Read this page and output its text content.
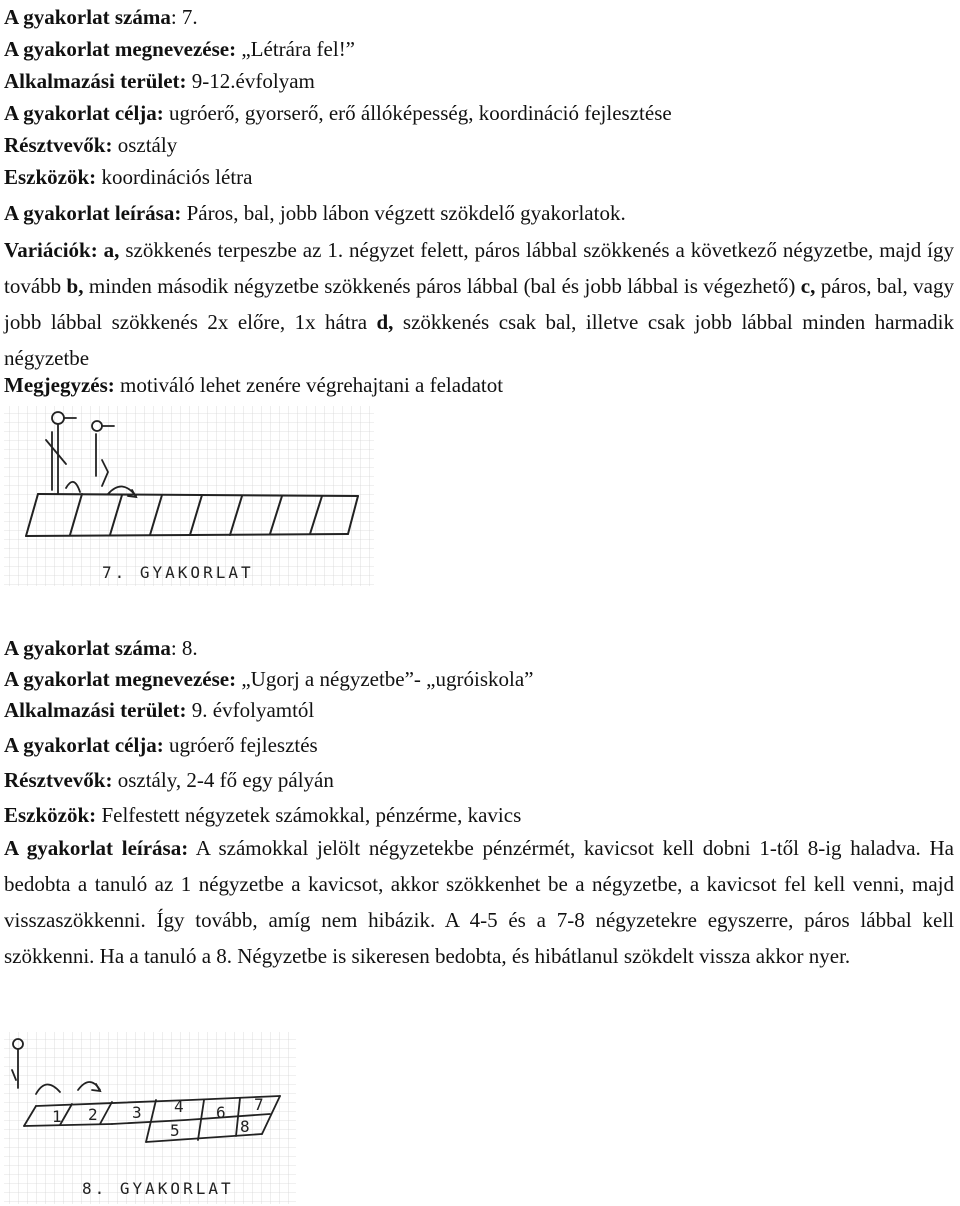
A gyakorlat száma: 7.
A gyakorlat megnevezése: „Létrára fel!”
Alkalmazási terület: 9-12.évfolyam
A gyakorlat célja: ugróerő, gyorserő, erő állóképesség, koordináció fejlesztése
Résztvevők: osztály
Eszközök: koordinációs létra
A gyakorlat leírása: Páros, bal, jobb lábon végzett szökdelő gyakorlatok.
Variációk: a, szökkenés terpeszbe az 1. négyzet felett, páros lábbal szökkenés a következő négyzetbe, majd így tovább b, minden második négyzetbe szökkenés páros lábbal (bal és jobb lábbal is végezhető) c, páros, bal, vagy jobb lábbal szökkenés 2x előre, 1x hátra d, szökkenés csak bal, illetve csak jobb lábbal minden harmadik négyzetbe
Megjegyzés: motiváló lehet zenére végrehajtani a feladatot
7. GYAKORLAT
A gyakorlat száma: 8.
A gyakorlat megnevezése: „Ugorj a négyzetbe”- „ugróiskola”
Alkalmazási terület: 9. évfolyamtól
A gyakorlat célja: ugróerő fejlesztés
Résztvevők: osztály, 2-4 fő egy pályán
Eszközök: Felfestett négyzetek számokkal, pénzérme, kavics
A gyakorlat leírása: A számokkal jelölt négyzetekbe pénzérmét, kavicsot kell dobni 1-től 8-ig haladva. Ha bedobta a tanuló az 1 négyzetbe a kavicsot, akkor szökkenhet be a négyzetbe, a kavicsot fel kell venni, majd visszaszökkenni. Így tovább, amíg nem hibázik. A 4-5 és a 7-8 négyzetekre egyszerre, páros lábbal kell szökkenni. Ha a tanuló a 8. Négyzetbe is sikeresen bedobta, és hibátlanul szökdelt vissza akkor nyer.
1 2 3 4
5
6 7
8
8. GYAKORLAT
